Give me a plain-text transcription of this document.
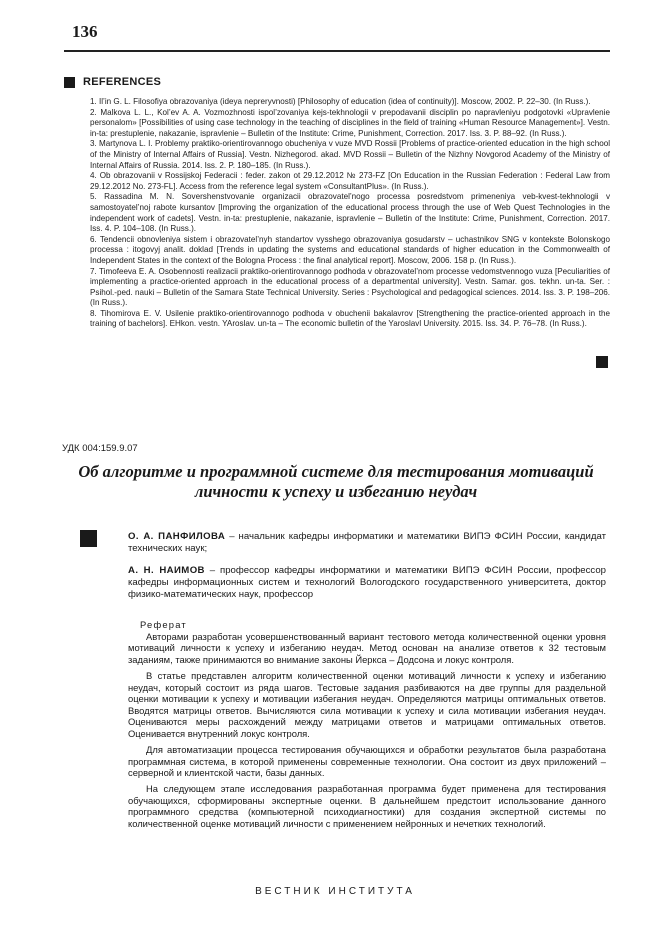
136
REFERENCES

1. Il’in G. L. Filosofiya obrazovaniya (ideya nepreryvnosti) [Philosophy of education (idea of continuity)]. Moscow, 2002. P. 22–30. (In Russ.).

2. Malkova L. L., Kol’ev A. A. Vozmozhnosti ispol’zovaniya kejs-tekhnologii v prepodavanii disciplin po napravleniyu podgotovki «Upravlenie personalom» [Possibilities of using case technology in the teaching of disciplines in the field of training «Human Resource Management»]. Vestn. in-ta: prestuplenie, nakazanie, ispravlenie – Bulletin of the Institute: Crime, Punishment, Correction. 2017. Iss. 3. P. 88–92. (In Russ.).

3. Martynova L. I. Problemy praktiko-orientirovannogo obucheniya v vuze MVD Rossii [Problems of practice-oriented education in the high school of the Ministry of Internal Affairs of Russia]. Vestn. Nizhegorod. akad. MVD Rossii – Bulletin of the Nizhny Novgorod Academy of the Ministry of Internal Affairs of Russia. 2014. Iss. 2. P. 180–185. (In Russ.).

4. Ob obrazovanii v Rossijskoj Federacii : feder. zakon ot 29.12.2012 № 273-FZ [On Education in the Russian Federation : Federal Law from 29.12.2012 No. 273-FL]. Access from the reference legal system «ConsultantPlus». (In Russ.).

5. Rassadina M. N. Sovershenstvovanie organizacii obrazovatel’nogo processa posredstvom primeneniya veb-kvest-tekhnologii v samostoyatel’noj rabote kursantov [Improving the organization of the educational process through the use of Web Quest Technologies in the independent work of cadets]. Vestn. in-ta: prestuplenie, nakazanie, ispravlenie – Bulletin of the Institute: Crime, Punishment, Correction. 2017. Iss. 4. P. 104–108. (In Russ.).

6. Tendencii obnovleniya sistem i obrazovatel’nyh standartov vysshego obrazovaniya gosudarstv – uchastnikov SNG v kontekste Bolonskogo processa : itogovyj analit. doklad [Trends in updating the systems and educational standards of higher education in the Commonwealth of Independent States in the context of the Bologna Process : the final analytical report]. Moscow, 2006. 158 p. (In Russ.).

7. Timofeeva E. A. Osobennosti realizacii praktiko-orientirovannogo podhoda v obrazovatel’nom processe vedomstvennogo vuza [Peculiarities of implementing a practice-oriented approach in the educational process of a departmental university]. Vestn. Samar. gos. tekhn. un-ta. Ser. : Psihol.-ped. nauki – Bulletin of the Samara State Technical University. Series : Psychological and pedagogical sciences. 2014. Iss. 3. P. 198–206. (In Russ.).

8. Tihomirova E. V. Usilenie praktiko-orientirovannogo podhoda v obuchenii bakalavrov [Strengthening the practice-oriented approach in the training of bachelors]. EHkon. vestn. YAroslav. un-ta – The economic bulletin of the Yaroslavl University. 2015. Iss. 34. P. 76–78. (In Russ.).

УДК 004:159.9.07
Об алгоритме и программной системе для тестирования мотиваций личности к успеху и избеганию неудач

О. А. ПАНФИЛОВА – начальник кафедры информатики и математики ВИПЭ ФСИН России, кандидат технических наук;

А. Н. НАИМОВ – профессор кафедры информатики и математики ВИПЭ ФСИН России, профессор кафедры информационных систем и технологий Вологодского государственного университета, доктор физико-математических наук, профессор

Реферат

Авторами разработан усовершенствованный вариант тестового метода количественной оценки уровня мотиваций личности к успеху и избеганию неудач. Метод основан на анализе ответов к 32 тестовым заданиям, также принимаются во внимание законы Йеркса – Додсона и локус контроля.

В статье представлен алгоритм количественной оценки мотиваций личности к успеху и избеганию неудач, который состоит из ряда шагов. Тестовые задания разбиваются на две группы для раздельной оценки мотивации к успеху и мотивации избегания неудач. Определяются матрицы оптимальных ответов. Вводятся матрицы ответов. Вычисляются сила мотивации к успеху и сила мотивации избегания неудач. Оцениваются меры расхождений между матрицами ответов и матрицами оптимальных ответов. Оценивается внутренний локус контроля.

Для автоматизации процесса тестирования обучающихся и обработки результатов была разработана программная система, в которой применены современные технологии. Она состоит из двух приложений – серверной и клиентской части, базы данных.

На следующем этапе исследования разработанная программа будет применена для тестирования обучающихся, сформированы экспертные оценки. В дальнейшем предстоит использование данного программного средства (компьютерной психодиагностики) для создания экспертной системы по количественной оценке мотиваций личности с применением нейронных и нечетких технологий.

ВЕСТНИК ИНСТИТУТА
